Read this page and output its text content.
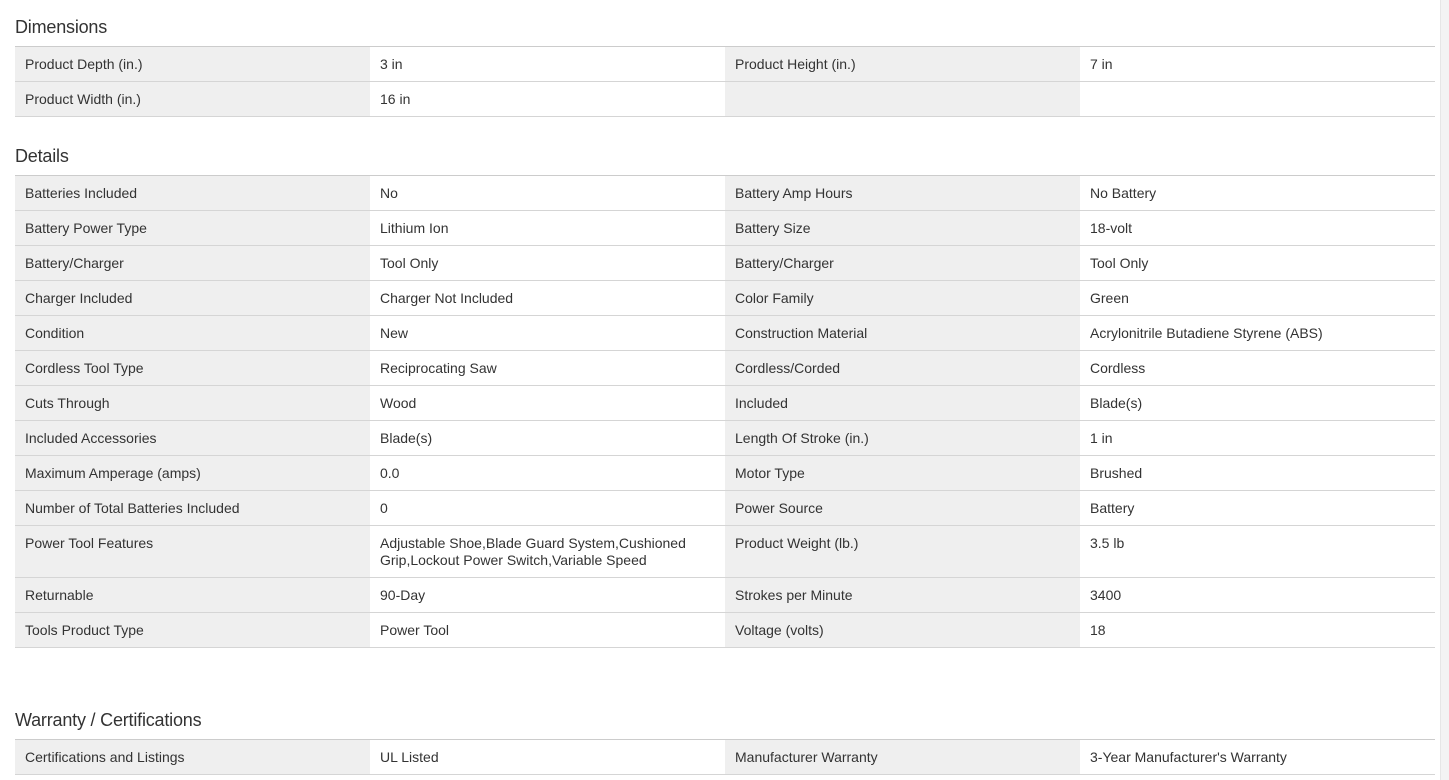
Dimensions
Product Depth (in.)	3 in	Product Height (in.)	7 in
Product Width (in.)	16 in		
Details
Batteries Included	No	Battery Amp Hours	No Battery
Battery Power Type	Lithium Ion	Battery Size	18-volt
Battery/Charger	Tool Only	Battery/Charger	Tool Only
Charger Included	Charger Not Included	Color Family	Green
Condition	New	Construction Material	Acrylonitrile Butadiene Styrene (ABS)
Cordless Tool Type	Reciprocating Saw	Cordless/Corded	Cordless
Cuts Through	Wood	Included	Blade(s)
Included Accessories	Blade(s)	Length Of Stroke (in.)	1 in
Maximum Amperage (amps)	0.0	Motor Type	Brushed
Number of Total Batteries Included	0	Power Source	Battery
Power Tool Features	Adjustable Shoe,Blade Guard System,Cushioned Grip,Lockout Power Switch,Variable Speed	Product Weight (lb.)	3.5 lb
Returnable	90-Day	Strokes per Minute	3400
Tools Product Type	Power Tool	Voltage (volts)	18
Warranty / Certifications
Certifications and Listings	UL Listed	Manufacturer Warranty	3-Year Manufacturer's Warranty
